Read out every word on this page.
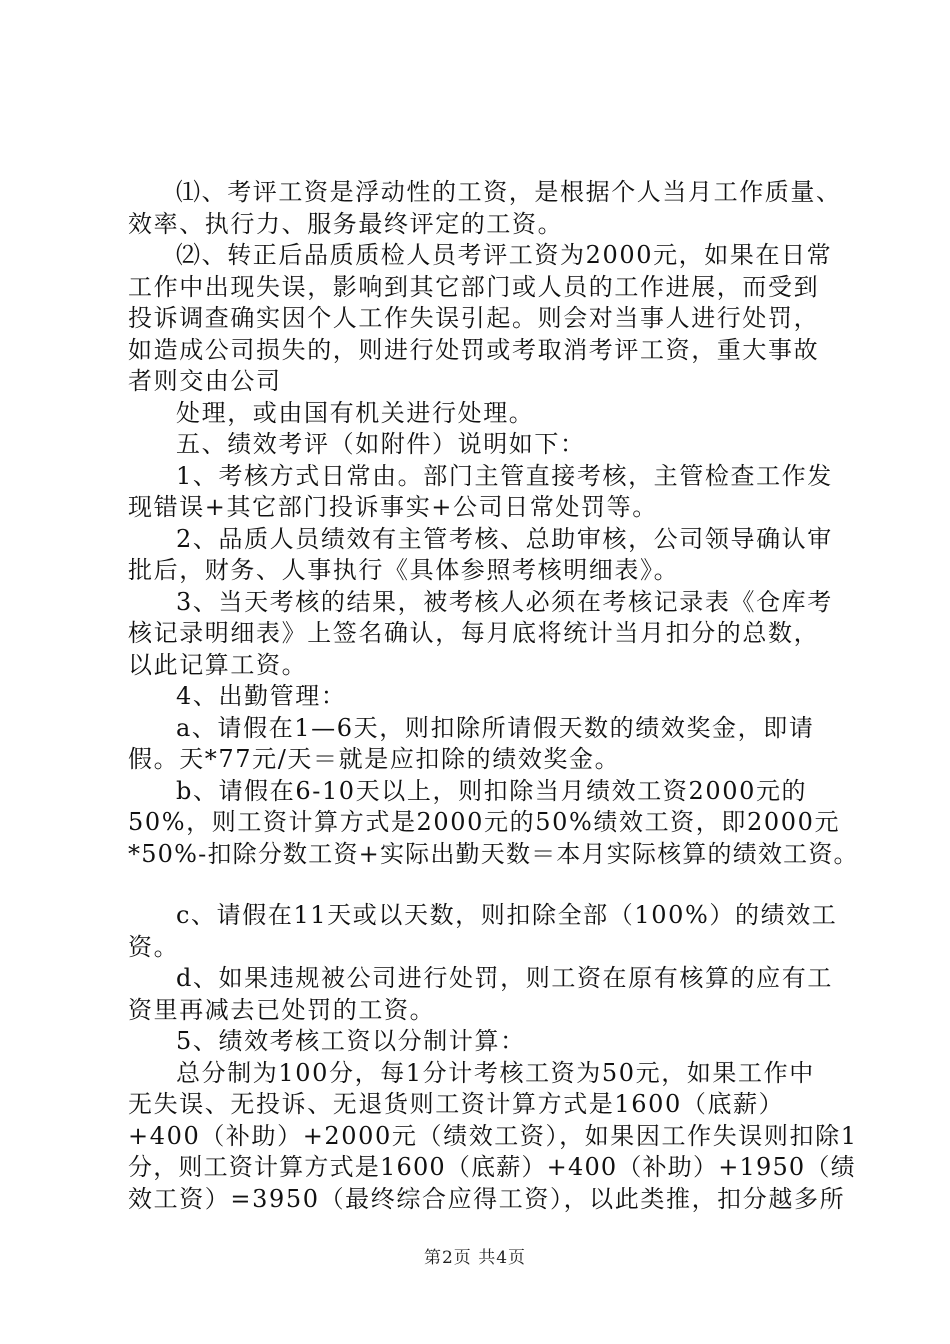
⑴、考评工资是浮动性的工资，是根据个人当月工作质量、
效率、执行力、服务最终评定的工资。
⑵、转正后品质质检人员考评工资为2000元，如果在日常
工作中出现失误，影响到其它部门或人员的工作进展，而受到
投诉调查确实因个人工作失误引起。则会对当事人进行处罚，
如造成公司损失的，则进行处罚或考取消考评工资，重大事故
者则交由公司
处理，或由国有机关进行处理。
五、绩效考评（如附件）说明如下：
1、考核方式日常由。部门主管直接考核，主管检查工作发
现错误+其它部门投诉事实+公司日常处罚等。
2、品质人员绩效有主管考核、总助审核，公司领导确认审
批后，财务、人事执行《具体参照考核明细表》。
3、当天考核的结果，被考核人必须在考核记录表《仓库考
核记录明细表》上签名确认，每月底将统计当月扣分的总数，
以此记算工资。
4、出勤管理：
a、请假在1—6天，则扣除所请假天数的绩效奖金，即请
假。天*77元/天＝就是应扣除的绩效奖金。
b、请假在6-10天以上，则扣除当月绩效工资2000元的
50%，则工资计算方式是2000元的50%绩效工资，即2000元
*50%-扣除分数工资+实际出勤天数＝本月实际核算的绩效工资。
c、请假在11天或以天数，则扣除全部（100%）的绩效工
资。
d、如果违规被公司进行处罚，则工资在原有核算的应有工
资里再减去已处罚的工资。
5、绩效考核工资以分制计算：
总分制为100分，每1分计考核工资为50元，如果工作中
无失误、无投诉、无退货则工资计算方式是1600（底薪）
+400（补助）+2000元（绩效工资），如果因工作失误则扣除1
分，则工资计算方式是1600（底薪）+400（补助）+1950（绩
效工资）=3950（最终综合应得工资），以此类推，扣分越多所
第2页 共4页
